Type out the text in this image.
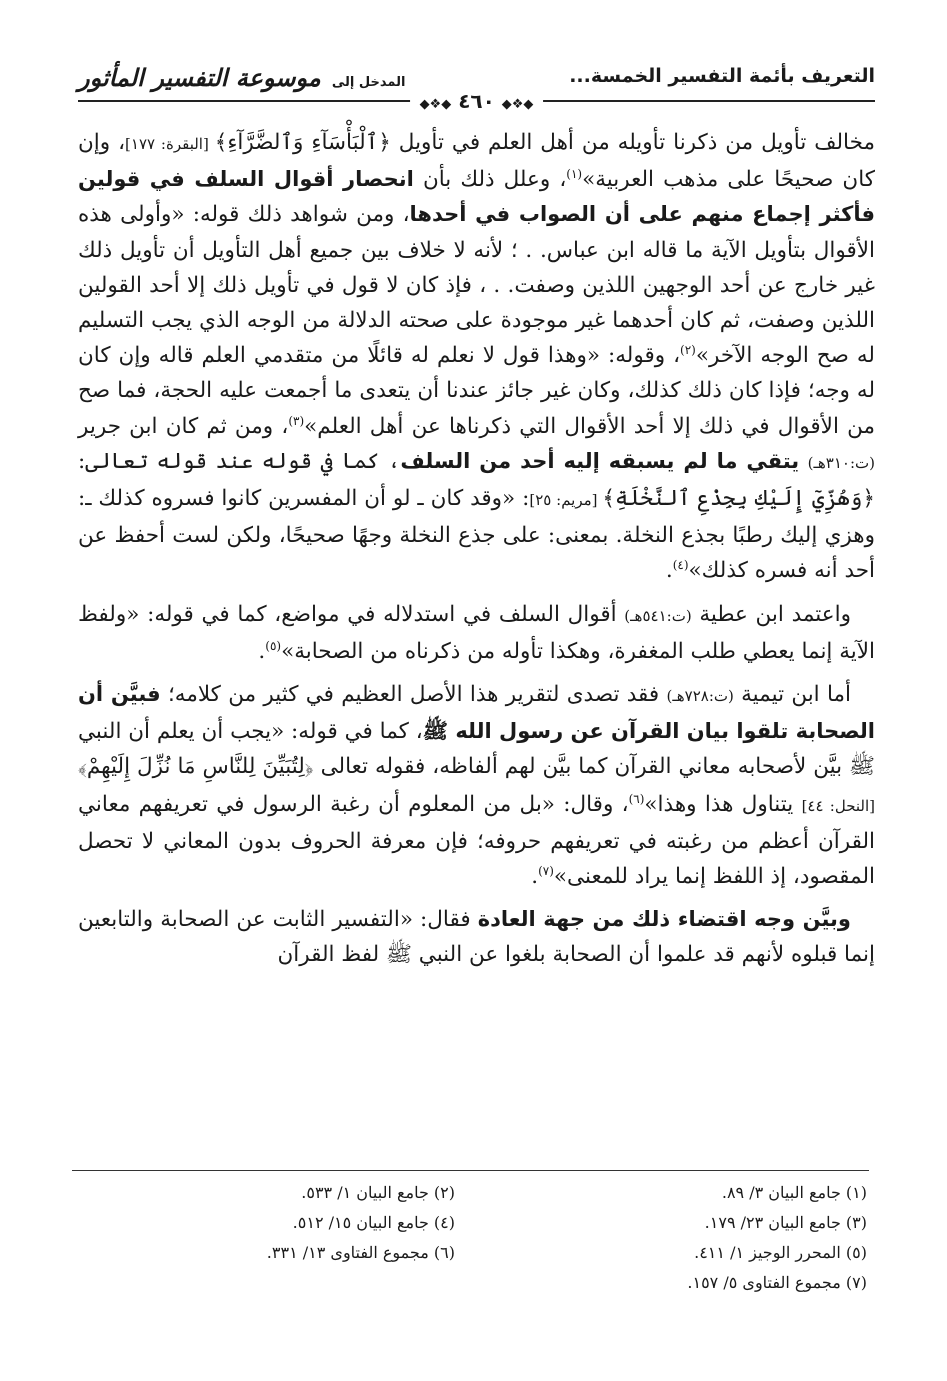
المدخل إلى موسوعة التفسير المأثور	التعريف بأئمة التفسير الخمسة...
◆❖◆ ٤٦٠ ◆❖◆

مخالف تأويل من ذكرنا تأويله من أهل العلم في تأويل ﴿ٱلْبَأْسَآءِ وَٱلضَّرَّآءِ﴾ [البقرة: ١٧٧]، وإن كان صحيحًا على مذهب العربية»$^{(١)}$، وعلل ذلك بأن انحصار أقوال السلف في قولين فأكثر إجماع منهم على أن الصواب في أحدها، ومن شواهد ذلك قوله: «وأولى هذه الأقوال بتأويل الآية ما قاله ابن عباس. . ؛ لأنه لا خلاف بين جميع أهل التأويل أن تأويل ذلك غير خارج عن أحد الوجهين اللذين وصفت. . ، فإذ كان لا قول في تأويل ذلك إلا أحد القولين اللذين وصفت، ثم كان أحدهما غير موجودة على صحته الدلالة من الوجه الذي يجب التسليم له صح الوجه الآخر»$^{(٢)}$، وقوله: «وهذا قول لا نعلم له قائلًا من متقدمي العلم قاله وإن كان له وجه؛ فإذا كان ذلك كذلك، وكان غير جائز عندنا أن يتعدى ما أجمعت عليه الحجة، فما صح من الأقوال في ذلك إلا أحد الأقوال التي ذكرناها عن أهل العلم»$^{(٣)}$، ومن ثم كان ابن جرير (ت:٣١٠هـ) يتقي ما لم يسبقه إليه أحد من السلف، كما في قوله عند قوله تعالى: ﴿وَهُزِّيٓ إِلَيْكِ بِجِذْعِ ٱلنَّخْلَةِ﴾ [مريم: ٢٥]: «وقد كان ـ لو أن المفسرين كانوا فسروه كذلك ـ: وهزي إليك رطبًا بجذع النخلة. بمعنى: على جذع النخلة وجهًا صحيحًا، ولكن لست أحفظ عن أحد أنه فسره كذلك»$^{(٤)}$.

واعتمد ابن عطية (ت:٥٤١هـ) أقوال السلف في استدلاله في مواضع، كما في قوله: «ولفظ الآية إنما يعطي طلب المغفرة، وهكذا تأوله من ذكرناه من الصحابة»$^{(٥)}$.

أما ابن تيمية (ت:٧٢٨هـ) فقد تصدى لتقرير هذا الأصل العظيم في كثير من كلامه؛ فبيَّن أن الصحابة تلقوا بيان القرآن عن رسول الله ﷺ، كما في قوله: «يجب أن يعلم أن النبي ﷺ بيَّن لأصحابه معاني القرآن كما بيَّن لهم ألفاظه، فقوله تعالى ﴿لِتُبَيِّنَ لِلنَّاسِ مَا نُزِّلَ إِلَيْهِمْ﴾ [النحل: ٤٤] يتناول هذا وهذا»$^{(٦)}$، وقال: «بل من المعلوم أن رغبة الرسول في تعريفهم معاني القرآن أعظم من رغبته في تعريفهم حروفه؛ فإن معرفة الحروف بدون المعاني لا تحصل المقصود، إذ اللفظ إنما يراد للمعنى»$^{(٧)}$.

وبيَّن وجه اقتضاء ذلك من جهة العادة فقال: «التفسير الثابت عن الصحابة والتابعين إنما قبلوه لأنهم قد علموا أن الصحابة بلغوا عن النبي ﷺ لفظ القرآن

(١) جامع البيان ٣/ ٨٩.
(٢) جامع البيان ١/ ٥٣٣.
(٣) جامع البيان ٢٣/ ١٧٩.
(٤) جامع البيان ١٥/ ٥١٢.
(٥) المحرر الوجيز ١/ ٤١١.
(٦) مجموع الفتاوى ١٣/ ٣٣١.
(٧) مجموع الفتاوى ٥/ ١٥٧.
